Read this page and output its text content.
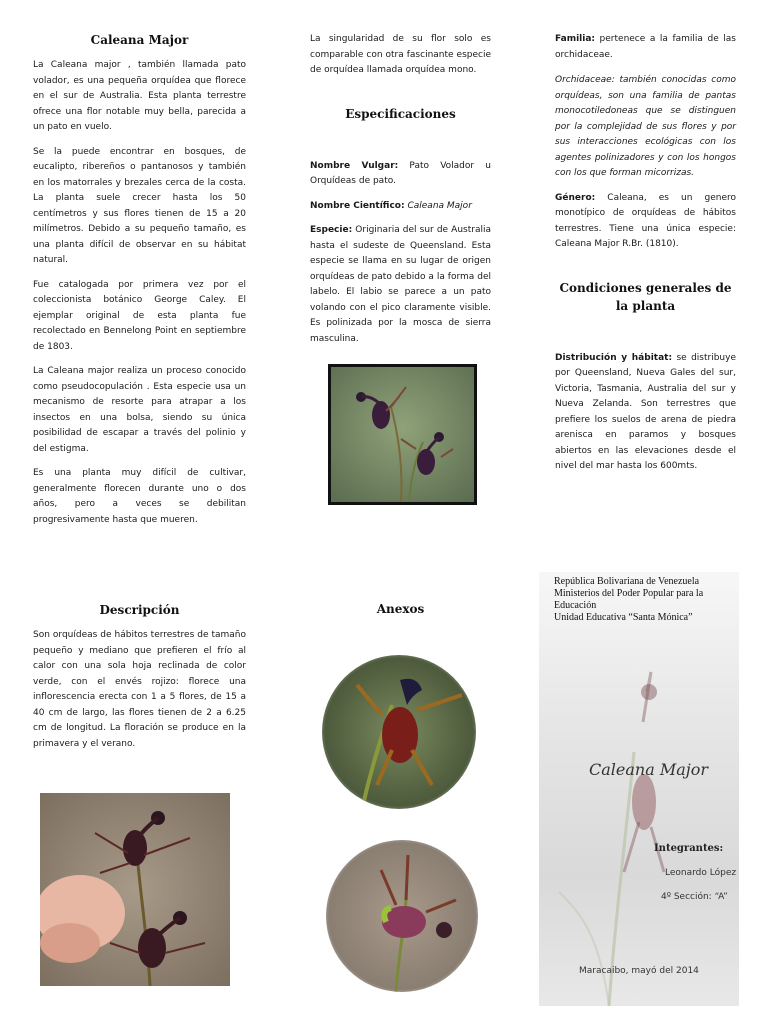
Caleana Major

La Caleana major , también llamada pato volador, es una pequeña orquídea que florece en el sur de Australia. Esta planta terrestre ofrece una flor notable muy bella, parecida a un pato en vuelo.

Se la puede encontrar en bosques, de eucalipto, ribereños o pantanosos y también en los matorrales y brezales cerca de la costa. La planta suele crecer hasta los 50 centímetros y sus flores tienen de 15 a 20 milímetros. Debido a su pequeño tamaño, es una planta difícil de observar en su hábitat natural.

Fue catalogada por primera vez por el coleccionista botánico George Caley. El ejemplar original de esta planta fue recolectado en Bennelong Point en septiembre de 1803.

La Caleana major realiza un proceso conocido como pseudocopulación . Esta especie usa un mecanismo de resorte para atrapar a los insectos en una bolsa, siendo su única posibilidad de escapar a través del polinio y del estigma.

Es una planta muy difícil de cultivar, generalmente florecen durante uno o dos años, pero a veces se debilitan progresivamente hasta que mueren.

La singularidad de su flor solo es comparable con otra fascinante especie de orquídea llamada orquídea mono.

Especificaciones

Nombre Vulgar: Pato Volador u Orquídeas de pato.

Nombre Científico: Caleana Major

Especie: Originaria del sur de Australia hasta el sudeste de Queensland. Esta especie se llama en su lugar de origen orquídeas de pato debido a la forma del labelo. El labio se parece a un pato volando con el pico claramente visible. Es polinizada por la mosca de sierra masculina.

Familia: pertenece a la familia de las orchidaceae.

Orchidaceae: también conocidas como orquídeas, son una familia de pantas monocotiledoneas que se distinguen por la complejidad de sus flores y por sus interacciones ecológicas con los agentes polinizadores y con los hongos con los que forman micorrizas.

Género: Caleana, es un genero monotípico de orquídeas de hábitos terrestres. Tiene una única especie: Caleana Major R.Br. (1810).

Condiciones generales de la planta

Distribución y hábitat: se distribuye por Queensland, Nueva Gales del sur, Victoria, Tasmania, Australia del sur y Nueva Zelanda. Son terrestres que prefiere los suelos de arena de piedra arenisca en paramos y bosques abiertos en las elevaciones desde el nivel del mar hasta los 600mts.

Descripción

Son orquídeas de hábitos terrestres de tamaño pequeño y mediano que prefieren el frío al calor con una sola hoja reclinada de color verde, con el envés rojizo: florece una inflorescencia erecta con 1 a 5 flores, de 15 a 40 cm de largo, las flores tienen de 2 a 6.25 cm de longitud. La floración se produce en la primavera y el verano.

Anexos
República Bolivariana de Venezuela
Ministerios del Poder Popular para la Educación
Unidad Educativa “Santa Mónica”
Caleana Major
Integrantes:
Leonardo López
4º Sección: “A”
Maracaibo, mayó del 2014
